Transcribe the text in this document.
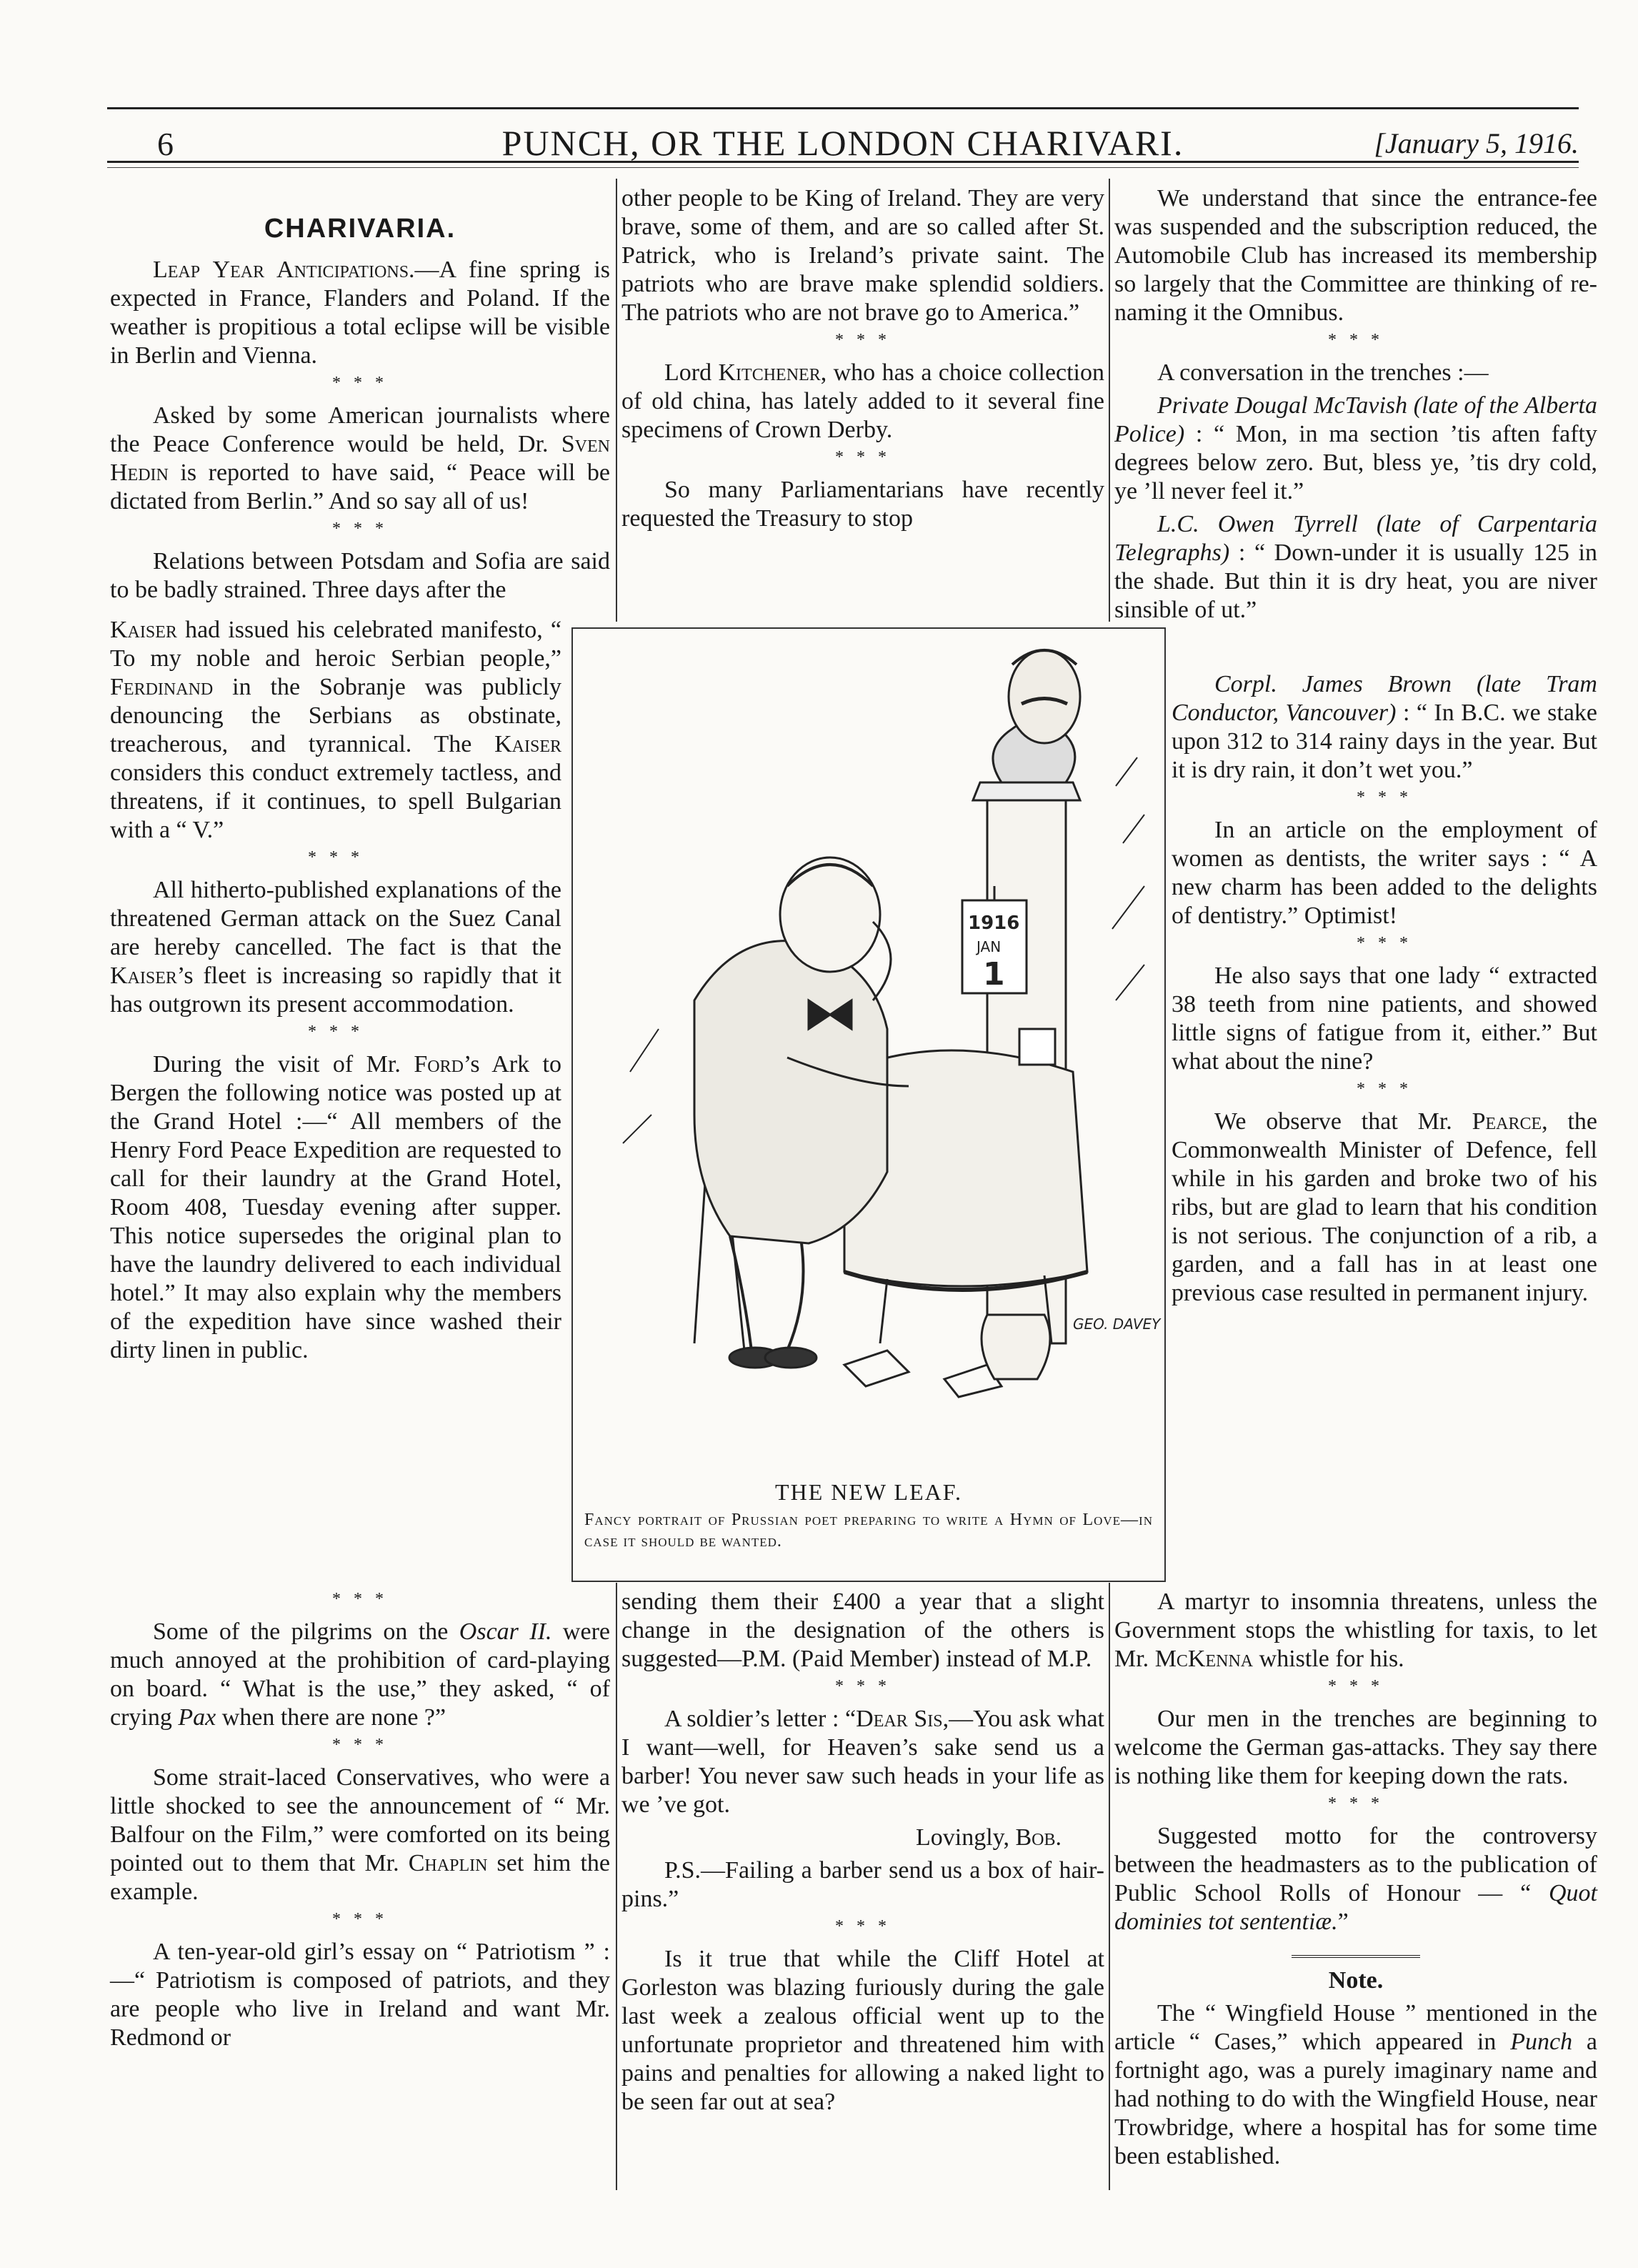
6	PUNCH, OR THE LONDON CHARIVARI.	[January 5, 1916.
CHARIVARIA.

Leap Year Anticipations.—A fine spring is expected in France, Flanders and Poland. If the weather is propitious a total eclipse will be visible in Berlin and Vienna.

* * *

Asked by some American journalists where the Peace Conference would be held, Dr. Sven Hedin is reported to have said, “ Peace will be dictated from Berlin.” And so say all of us!

* * *

Relations between Potsdam and Sofia are said to be badly strained. Three days after the

Kaiser had issued his celebrated manifesto, “ To my noble and heroic Serbian people,” Ferdinand in the Sobranje was publicly denouncing the Serbians as obstinate, treacherous, and tyrannical. The Kaiser considers this conduct extremely tactless, and threatens, if it continues, to spell Bulgarian with a “ V.”

* * *

All hitherto-published explanations of the threatened German attack on the Suez Canal are hereby cancelled. The fact is that the Kaiser’s fleet is increasing so rapidly that it has outgrown its present accommodation.

* * *

During the visit of Mr. Ford’s Ark to Bergen the following notice was posted up at the Grand Hotel :—“ All members of the Henry Ford Peace Expedition are requested to call for their laundry at the Grand Hotel, Room 408, Tuesday evening after supper. This notice supersedes the original plan to have the laundry delivered to each individual hotel.” It may also explain why the members of the expedition have since washed their dirty linen in public.

* * *

Some of the pilgrims on the Oscar II. were much annoyed at the prohibition of card-playing on board. “ What is the use,” they asked, “ of crying Pax when there are none ?”

* * *

Some strait-laced Conservatives, who were a little shocked to see the announcement of “ Mr. Balfour on the Film,” were comforted on its being pointed out to them that Mr. Chaplin set him the example.

* * *

A ten-year-old girl’s essay on “ Patriotism ” :—“ Patriotism is composed of patriots, and they are people who live in Ireland and want Mr. Redmond or

other people to be King of Ireland. They are very brave, some of them, and are so called after St. Patrick, who is Ireland’s private saint. The patriots who are brave make splendid soldiers. The patriots who are not brave go to America.”

* * *

Lord Kitchener, who has a choice collection of old china, has lately added to it several fine specimens of Crown Derby.

* * *

So many Parliamentarians have recently requested the Treasury to stop

sending them their £400 a year that a slight change in the designation of the others is suggested—P.M. (Paid Member) instead of M.P.

* * *

A soldier’s letter : “Dear Sis,—You ask what I want—well, for Heaven’s sake send us a barber! You never saw such heads in your life as we ’ve got.

Lovingly, Bob.

P.S.—Failing a barber send us a box of hair-pins.”

* * *

Is it true that while the Cliff Hotel at Gorleston was blazing furiously during the gale last week a zealous official went up to the unfortunate proprietor and threatened him with pains and penalties for allowing a naked light to be seen far out at sea?

We understand that since the entrance-fee was suspended and the subscription reduced, the Automobile Club has increased its membership so largely that the Committee are thinking of re-naming it the Omnibus.

* * *

A conversation in the trenches :—

Private Dougal McTavish (late of the Alberta Police) : “ Mon, in ma section ’tis aften fafty degrees below zero. But, bless ye, ’tis dry cold, ye ’ll never feel it.”

L.C. Owen Tyrrell (late of Carpentaria Telegraphs) : “ Down-under it is usually 125 in the shade. But thin it is dry heat, you are niver sinsible of ut.”

Corpl. James Brown (late Tram Conductor, Vancouver) : “ In B.C. we stake upon 312 to 314 rainy days in the year. But it is dry rain, it don’t wet you.”

* * *

In an article on the employment of women as dentists, the writer says : “ A new charm has been added to the delights of dentistry.” Optimist!

* * *

He also says that one lady “ extracted 38 teeth from nine patients, and showed little signs of fatigue from it, either.” But what about the nine?

* * *

We observe that Mr. Pearce, the Commonwealth Minister of Defence, fell while in his garden and broke two of his ribs, but are glad to learn that his condition is not serious. The conjunction of a rib, a garden, and a fall has in at least one previous case resulted in permanent injury.

A martyr to insomnia threatens, unless the Government stops the whistling for taxis, to let Mr. McKenna whistle for his.

* * *

Our men in the trenches are beginning to welcome the German gas-attacks. They say there is nothing like them for keeping down the rats.

* * *

Suggested motto for the controversy between the headmasters as to the publication of Public School Rolls of Honour — “ Quot dominies tot sententiæ.”

Note.

The “ Wingfield House ” mentioned in the article “ Cases,” which appeared in Punch a fortnight ago, was a purely imaginary name and had nothing to do with the Wingfield House, near Trowbridge, where a hospital has for some time been established.

1916
JAN
1
GEO. DAVEY
THE NEW LEAF.
Fancy portrait of Prussian poet preparing to write a Hymn of Love—in case it should be wanted.
